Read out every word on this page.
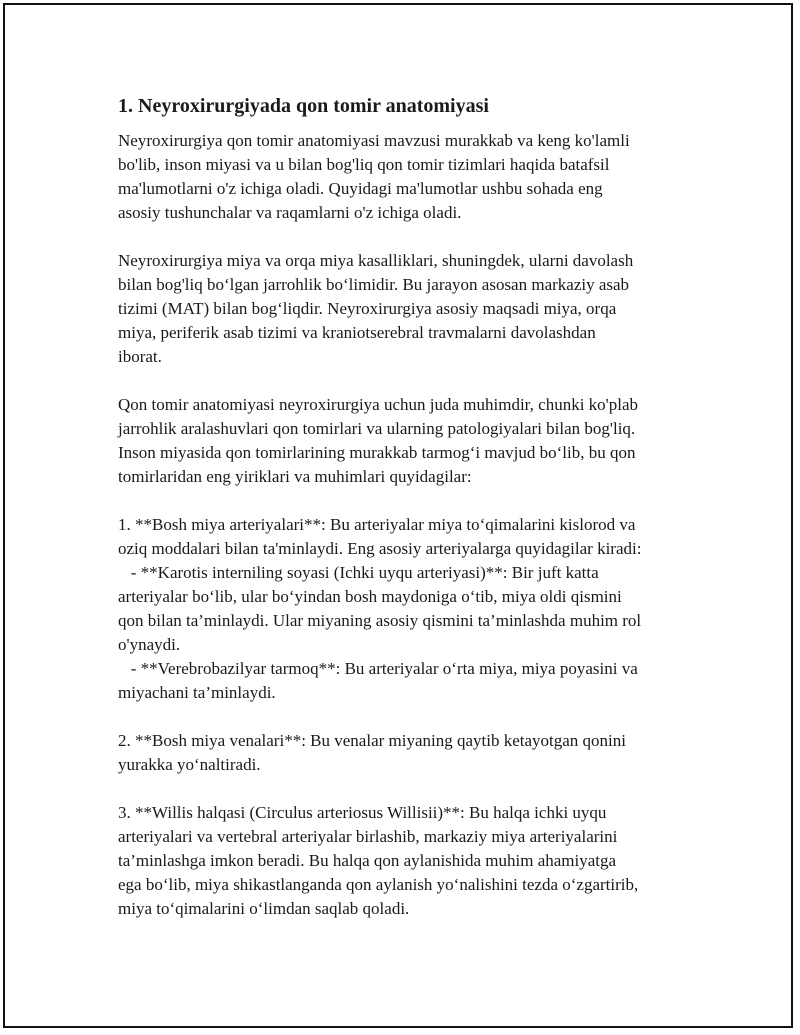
1. Neyroxirurgiyada qon tomir anatomiyasi
Neyroxirurgiya qon tomir anatomiyasi mavzusi murakkab va keng ko'lamli
bo'lib, inson miyasi va u bilan bog'liq qon tomir tizimlari haqida batafsil
ma'lumotlarni o'z ichiga oladi. Quyidagi ma'lumotlar ushbu sohada eng
asosiy tushunchalar va raqamlarni o'z ichiga oladi.
Neyroxirurgiya miya va orqa miya kasalliklari, shuningdek, ularni davolash
bilan bog'liq bo‘lgan jarrohlik bo‘limidir. Bu jarayon asosan markaziy asab
tizimi (MAT) bilan bog‘liqdir. Neyroxirurgiya asosiy maqsadi miya, orqa
miya, periferik asab tizimi va kraniotserebral travmalarni davolashdan
iborat.
Qon tomir anatomiyasi neyroxirurgiya uchun juda muhimdir, chunki ko'plab
jarrohlik aralashuvlari qon tomirlari va ularning patologiyalari bilan bog'liq.
Inson miyasida qon tomirlarining murakkab tarmog‘i mavjud bo‘lib, bu qon
tomirlaridan eng yiriklari va muhimlari quyidagilar:
1. **Bosh miya arteriyalari**: Bu arteriyalar miya to‘qimalarini kislorod va
oziq moddalari bilan ta'minlaydi. Eng asosiy arteriyalarga quyidagilar kiradi:
- **Karotis interniling soyasi (Ichki uyqu arteriyasi)**: Bir juft katta
arteriyalar bo‘lib, ular bo‘yindan bosh maydoniga o‘tib, miya oldi qismini
qon bilan ta’minlaydi. Ular miyaning asosiy qismini ta’minlashda muhim rol
o'ynaydi.
- **Verebrobazilyar tarmoq**: Bu arteriyalar o‘rta miya, miya poyasini va
miyachani ta’minlaydi.
2. **Bosh miya venalari**: Bu venalar miyaning qaytib ketayotgan qonini
yurakka yo‘naltiradi.
3. **Willis halqasi (Circulus arteriosus Willisii)**: Bu halqa ichki uyqu
arteriyalari va vertebral arteriyalar birlashib, markaziy miya arteriyalarini
ta’minlashga imkon beradi. Bu halqa qon aylanishida muhim ahamiyatga
ega bo‘lib, miya shikastlanganda qon aylanish yo‘nalishini tezda o‘zgartirib,
miya to‘qimalarini o‘limdan saqlab qoladi.
